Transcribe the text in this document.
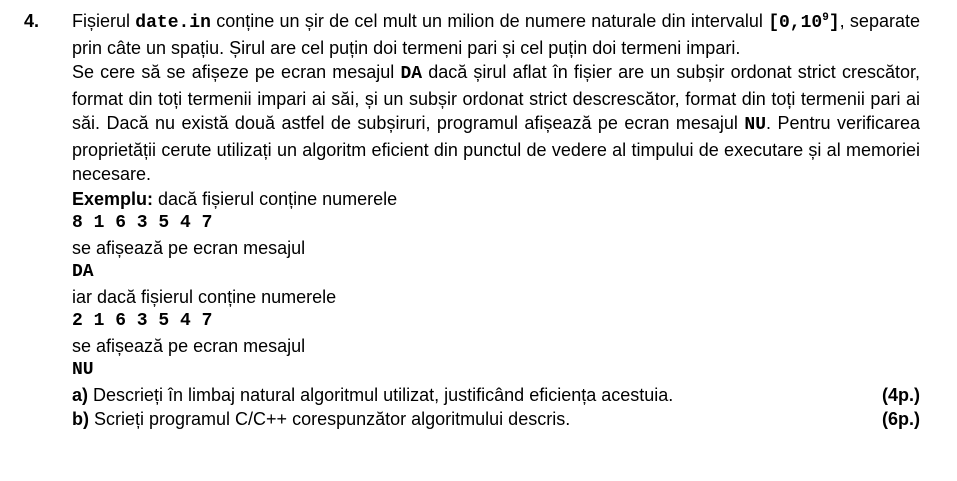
4. Fișierul date.in conține un șir de cel mult un milion de numere naturale din intervalul [0,10$^9$], separate prin câte un spațiu. Șirul are cel puțin doi termeni pari și cel puțin doi termeni impari.

Se cere să se afișeze pe ecran mesajul DA dacă șirul aflat în fișier are un subșir ordonat strict crescător, format din toți termenii impari ai săi, și un subșir ordonat strict descrescător, format din toți termenii pari ai săi. Dacă nu există două astfel de subșiruri, programul afișează pe ecran mesajul NU. Pentru verificarea proprietății cerute utilizați un algoritm eficient din punctul de vedere al timpului de executare și al memoriei necesare.

Exemplu: dacă fișierul conține numerele

8 1 6 3 5 4 7

se afișează pe ecran mesajul

DA

iar dacă fișierul conține numerele

2 1 6 3 5 4 7

se afișează pe ecran mesajul

NU

a) Descrieți în limbaj natural algoritmul utilizat, justificând eficiența acestuia.	(4p.)

b) Scrieți programul C/C++ corespunzător algoritmului descris.	(6p.)
